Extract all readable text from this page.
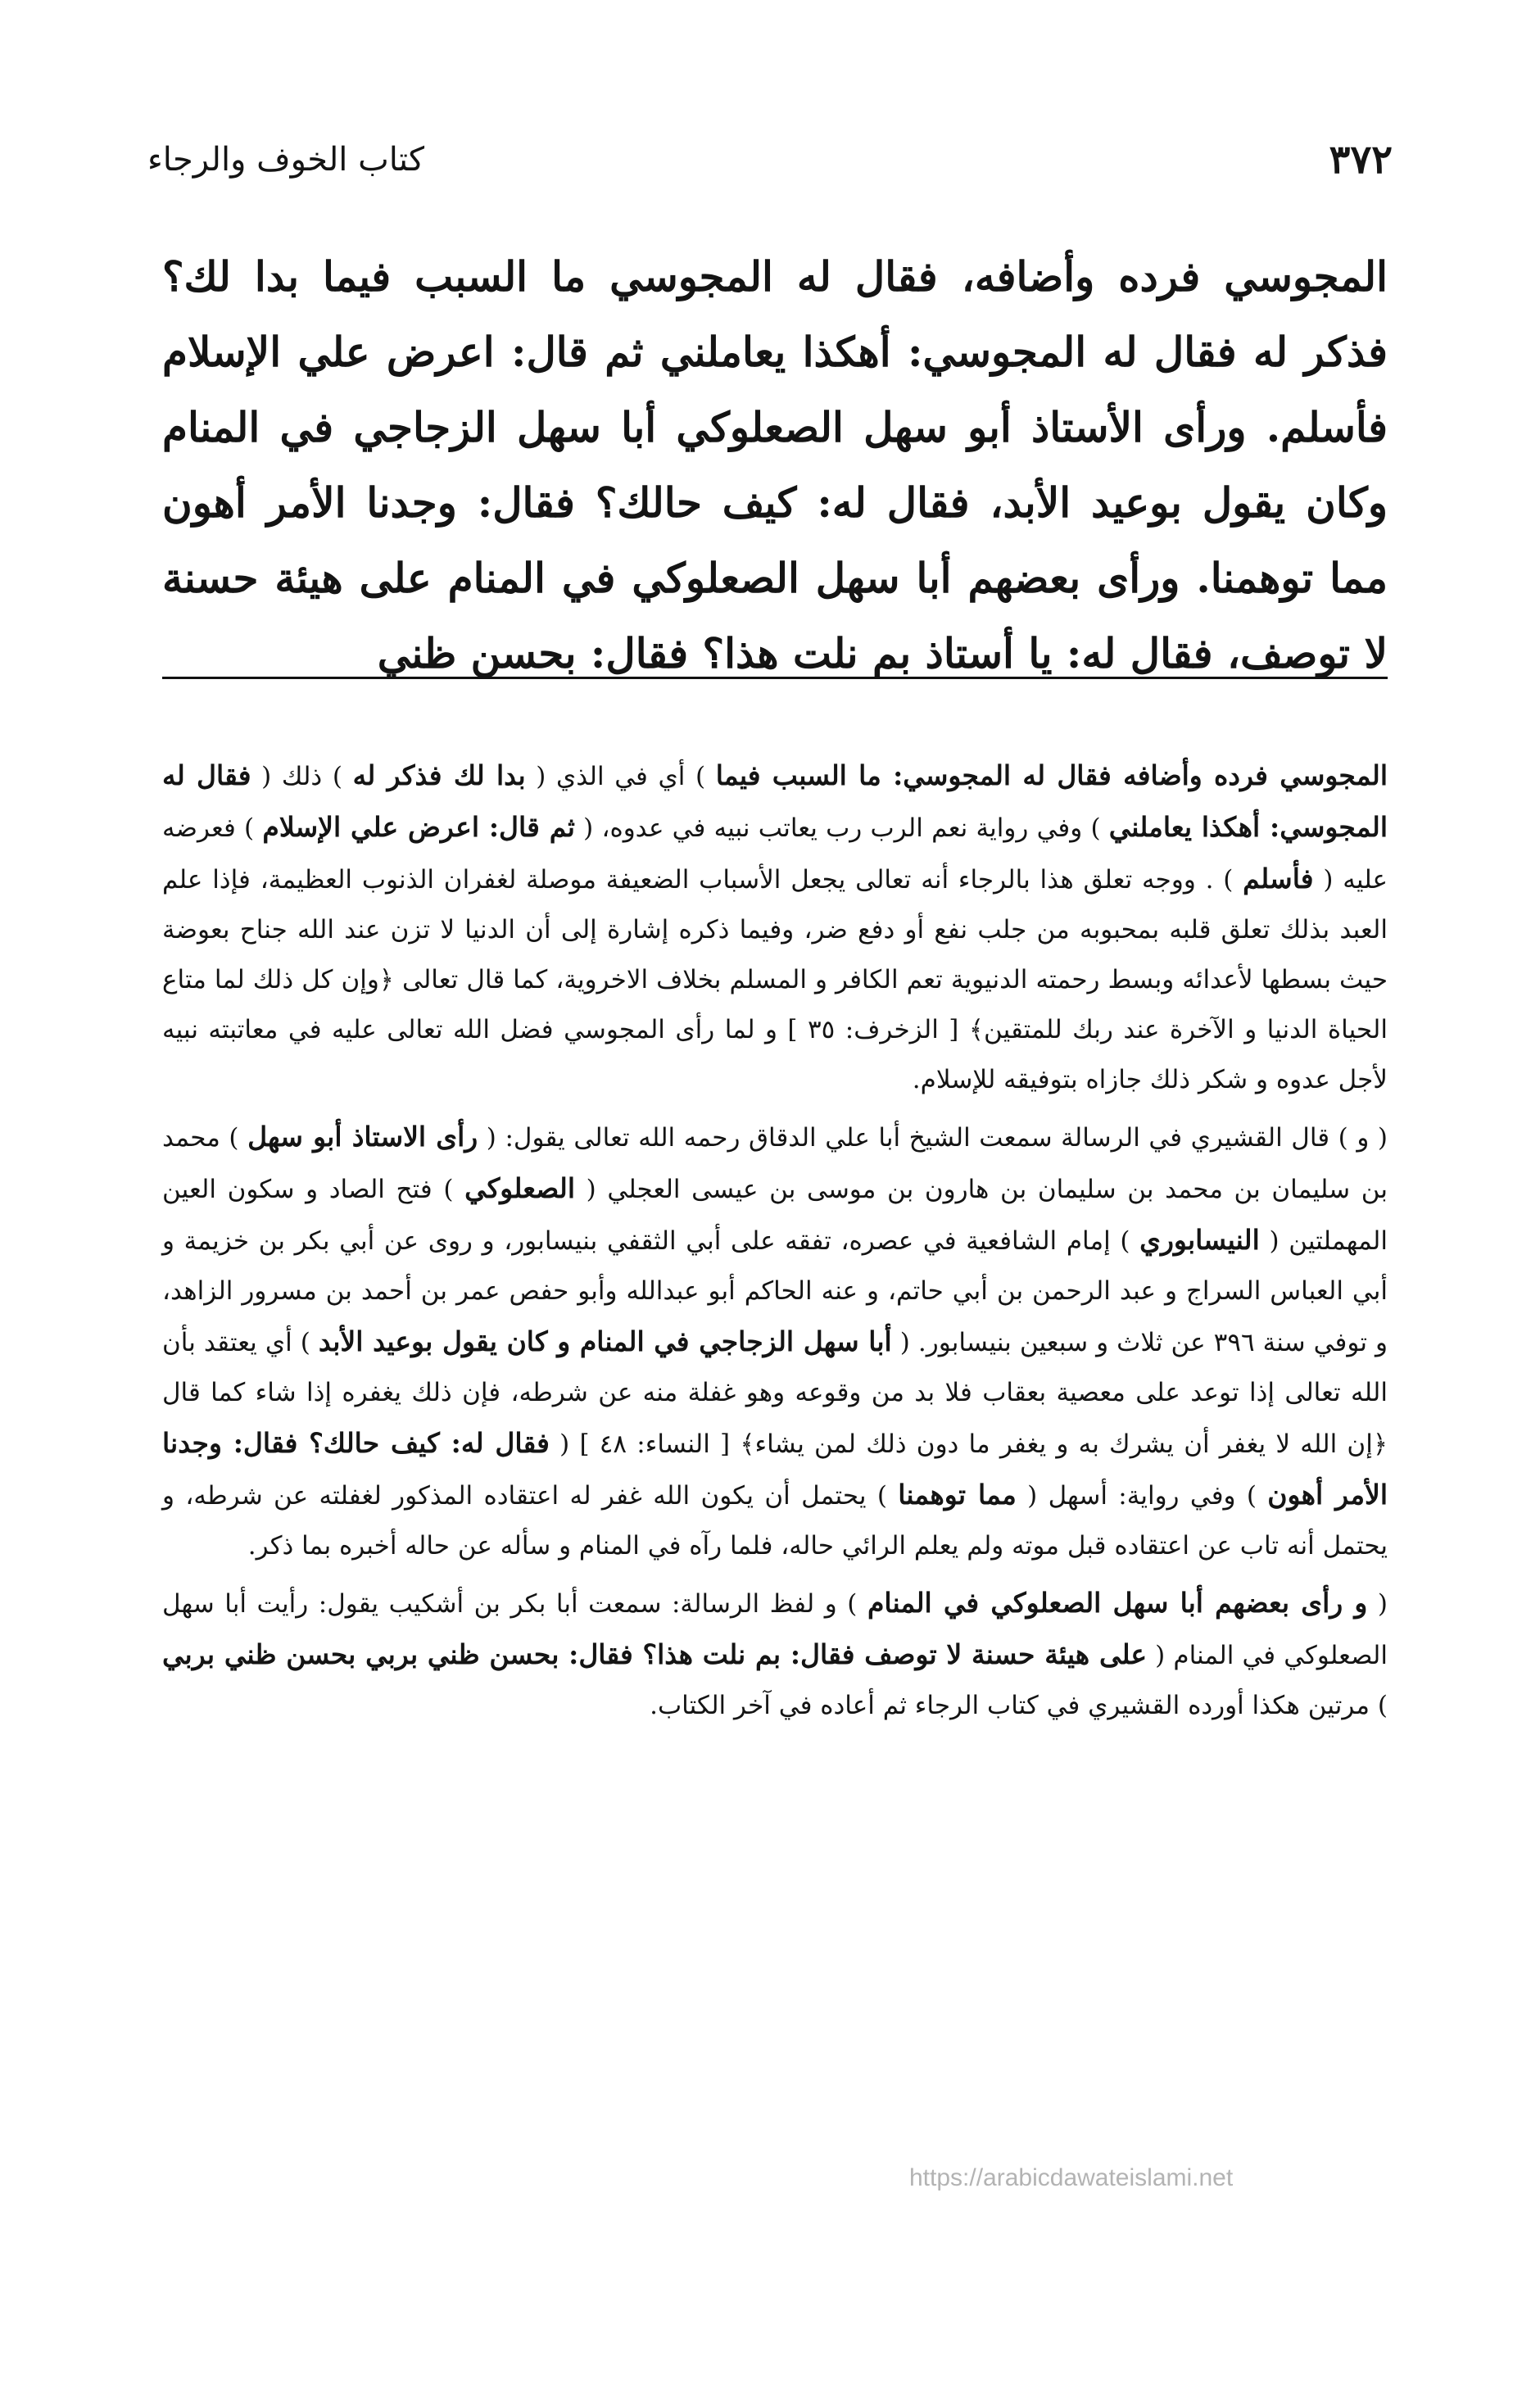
٣٧٢
كتاب الخوف والرجاء

المجوسي فرده وأضافه، فقال له المجوسي ما السبب فيما بدا لك؟ فذكر له فقال له المجوسي: أهكذا يعاملني ثم قال: اعرض علي الإسلام فأسلم. ورأى الأستاذ أبو سهل الصعلوكي أبا سهل الزجاجي في المنام وكان يقول بوعيد الأبد، فقال له: كيف حالك؟ فقال: وجدنا الأمر أهون مما توهمنا. ورأى بعضهم أبا سهل الصعلوكي في المنام على هيئة حسنة لا توصف، فقال له: يا أستاذ بم نلت هذا؟ فقال: بحسن ظني

المجوسي فرده وأضافه فقال له المجوسي: ما السبب فيما ) أي في الذي ( بدا لك فذكر له ) ذلك ( فقال له المجوسي: أهكذا يعاملني ) وفي رواية نعم الرب رب يعاتب نبيه في عدوه، ( ثم قال: اعرض علي الإسلام ) فعرضه عليه ( فأسلم ) . ووجه تعلق هذا بالرجاء أنه تعالى يجعل الأسباب الضعيفة موصلة لغفران الذنوب العظيمة، فإذا علم العبد بذلك تعلق قلبه بمحبوبه من جلب نفع أو دفع ضر، وفيما ذكره إشارة إلى أن الدنيا لا تزن عند الله جناح بعوضة حيث بسطها لأعدائه وبسط رحمته الدنيوية تعم الكافر و المسلم بخلاف الاخروية، كما قال تعالى ﴿وإن كل ذلك لما متاع الحياة الدنيا و الآخرة عند ربك للمتقين﴾ [ الزخرف: ٣٥ ] و لما رأى المجوسي فضل الله تعالى عليه في معاتبته نبيه لأجل عدوه و شكر ذلك جازاه بتوفيقه للإسلام.

( و ) قال القشيري في الرسالة سمعت الشيخ أبا علي الدقاق رحمه الله تعالى يقول: ( رأى الاستاذ أبو سهل ) محمد بن سليمان بن محمد بن سليمان بن هارون بن موسى بن عيسى العجلي ( الصعلوكي ) فتح الصاد و سكون العين المهملتين ( النيسابوري ) إمام الشافعية في عصره، تفقه على أبي الثقفي بنيسابور، و روى عن أبي بكر بن خزيمة و أبي العباس السراج و عبد الرحمن بن أبي حاتم، و عنه الحاكم أبو عبدالله وأبو حفص عمر بن أحمد بن مسرور الزاهد، و توفي سنة ٣٩٦ عن ثلاث و سبعين بنيسابور. ( أبا سهل الزجاجي في المنام و كان يقول بوعيد الأبد ) أي يعتقد بأن الله تعالى إذا توعد على معصية بعقاب فلا بد من وقوعه وهو غفلة منه عن شرطه، فإن ذلك يغفره إذا شاء كما قال ﴿إن الله لا يغفر أن يشرك به و يغفر ما دون ذلك لمن يشاء﴾ [ النساء: ٤٨ ] ( فقال له: كيف حالك؟ فقال: وجدنا الأمر أهون ) وفي رواية: أسهل ( مما توهمنا ) يحتمل أن يكون الله غفر له اعتقاده المذكور لغفلته عن شرطه، و يحتمل أنه تاب عن اعتقاده قبل موته ولم يعلم الرائي حاله، فلما رآه في المنام و سأله عن حاله أخبره بما ذكر.

( و رأى بعضهم أبا سهل الصعلوكي في المنام ) و لفظ الرسالة: سمعت أبا بكر بن أشكيب يقول: رأيت أبا سهل الصعلوكي في المنام ( على هيئة حسنة لا توصف فقال: بم نلت هذا؟ فقال: بحسن ظني بربي بحسن ظني بربي ) مرتين هكذا أورده القشيري في كتاب الرجاء ثم أعاده في آخر الكتاب.

https://arabicdawateislami.net
